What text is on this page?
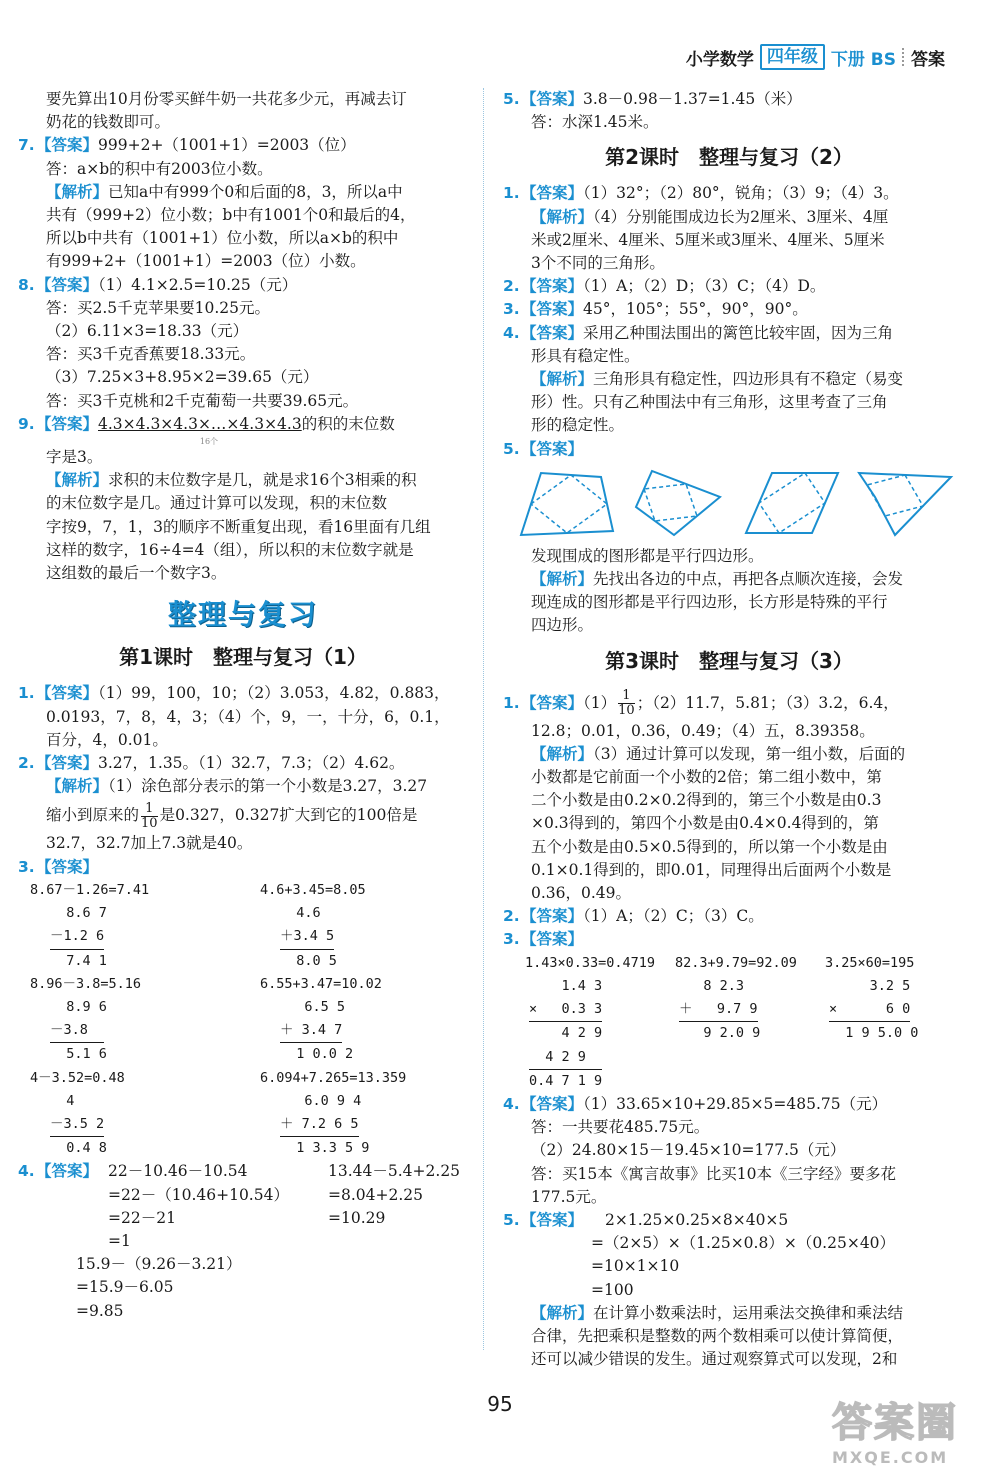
小学数学 四年级 下册 BS 答案
要先算出10月份零买鲜牛奶一共花多少元，再减去订
奶花的钱数即可。
7.【答案】999+2+（1001+1）=2003（位）
答：a×b的积中有2003位小数。
【解析】已知a中有999个0和后面的8，3，所以a中
共有（999+2）位小数；b中有1001个0和最后的4，
所以b中共有（1001+1）位小数，所以a×b的积中
有999+2+（1001+1）=2003（位）小数。
8.【答案】（1）4.1×2.5=10.25（元）
答：买2.5千克苹果要10.25元。
（2）6.11×3=18.33（元）
答：买3千克香蕉要18.33元。
（3）7.25×3+8.95×2=39.65（元）
答：买3千克桃和2千克葡萄一共要39.65元。
9.【答案】4.3×4.3×4.3×…×4.3×4.3
16个
的积的末位数
字是3。
【解析】求积的末位数字是几，就是求16个3相乘的积
的末位数字是几。通过计算可以发现，积的末位数
字按9，7，1，3的顺序不断重复出现，看16里面有几组
这样的数字，16÷4=4（组），所以积的末位数字就是
这组数的最后一个数字3。
整理与复习
第1课时　整理与复习（1）
1.【答案】（1）99，100，10；（2）3.053，4.82，0.883，
0.0193，7，8，4，3；（4）个，9，一，十分，6，0.1，
百分，4，0.01。
2.【答案】3.27，1.35。（1）32.7，7.3；（2）4.62。
【解析】（1）涂色部分表示的第一个小数是3.27，3.27
缩小到原来的 $\frac{1}{10}$ 是0.327，0.327扩大到它的100倍是
32.7，32.7加上7.3就是40。
3.【答案】
8.67－1.26=7.41
8.6 7
－1.2 6
7.4 1
4.6+3.45=8.05
4.6
＋3.4 5
8.0 5
8.96－3.8=5.16
8.9 6
－3.8
5.1 6
6.55+3.47=10.02
6.5 5
＋ 3.4 7
1 0.0 2
4－3.52=0.48
4
－3.5 2
0.4 8
6.094+7.265=13.359
6.0 9 4
＋ 7.2 6 5
1 3.3 5 9
4. 【答案】 22－10.46－10.54
=22－（10.46+10.54）
=22－21
=1
13.44－5.4+2.25
=8.04+2.25
=10.29
15.9－（9.26－3.21）
=15.9－6.05
=9.85
5.【答案】3.8－0.98－1.37=1.45（米）
答：水深1.45米。
第2课时　整理与复习（2）
1.【答案】（1）32°；（2）80°，锐角；（3）9；（4）3。
【解析】（4）分别能围成边长为2厘米、3厘米、4厘
米或2厘米、4厘米、5厘米或3厘米、4厘米、5厘米
3个不同的三角形。
2.【答案】（1）A；（2）D；（3）C；（4）D。
3.【答案】45°，105°；55°，90°，90°。
4.【答案】采用乙种围法围出的篱笆比较牢固，因为三角
形具有稳定性。
【解析】三角形具有稳定性，四边形具有不稳定（易变
形）性。只有乙种围法中有三角形，这里考查了三角
形的稳定性。
5.【答案】
发现围成的图形都是平行四边形。
【解析】先找出各边的中点，再把各点顺次连接，会发
现连成的图形都是平行四边形，长方形是特殊的平行
四边形。
第3课时　整理与复习（3）
1.【答案】$(1) \frac{1}{10}$ ；（2）11.7，5.81；（3）3.2，6.4，
12.8；0.01，0.36，0.49；（4）五，8.39358。
【解析】（3）通过计算可以发现，第一组小数，后面的
小数都是它前面一个小数的2倍；第二组小数中，第
二个小数是由0.2×0.2得到的，第三个小数是由0.3
×0.3得到的，第四个小数是由0.4×0.4得到的，第
五个小数是由0.5×0.5得到的，所以第一个小数是由
0.1×0.1得到的，即0.01，同理得出后面两个小数是
0.36，0.49。
2.【答案】（1）A；（2）C；（3）C。
3.【答案】
1.43×0.33=0.4719
1.4 3
×   0.3 3
4 2 9
4 2 9
0.4 7 1 9
82.3+9.79=92.09
8 2.3
＋   9.7 9
9 2.0 9
3.25×60=195
3.2 5
×      6 0
1 9 5.0 0
4.【答案】（1）33.65×10+29.85×5=485.75（元）
答：一共要花485.75元。
（2）24.80×15－19.45×10=177.5（元）
答：买15本《寓言故事》比买10本《三字经》要多花
177.5元。
5.【答案】 2×1.25×0.25×8×40×5
=（2×5）×（1.25×0.8）×（0.25×40）
=10×1×10
=100
【解析】在计算小数乘法时，运用乘法交换律和乘法结
合律，先把乘积是整数的两个数相乘可以使计算简便，
还可以减少错误的发生。通过观察算式可以发现，2和
95	答案圈
MXQE.COM
